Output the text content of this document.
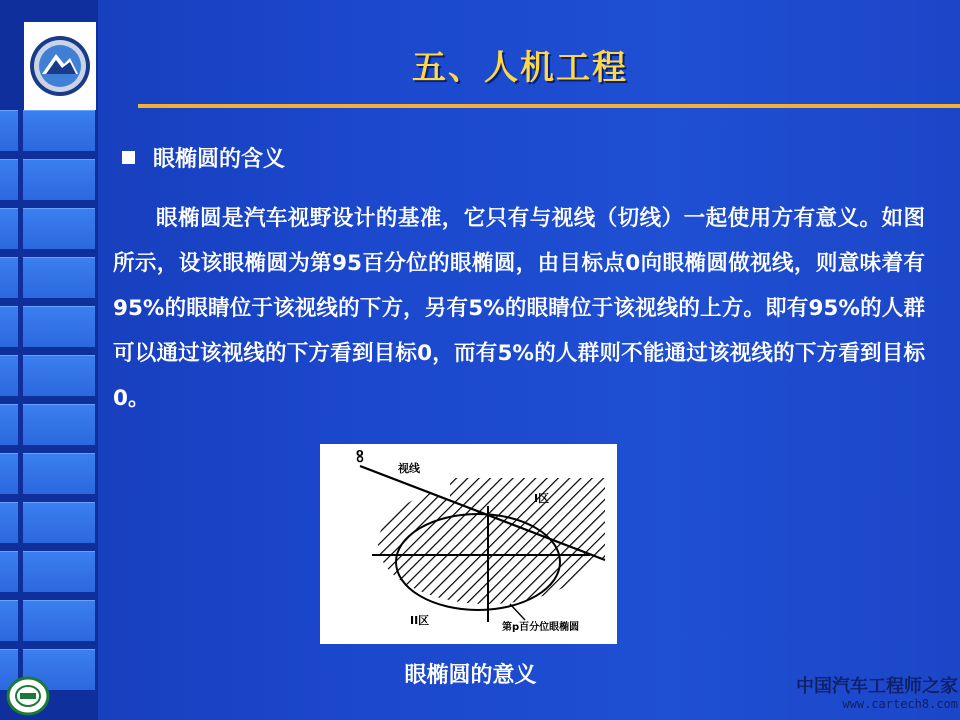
五、人机工程
眼椭圆的含义
眼椭圆是汽车视野设计的基准，它只有与视线（切线）一起使用方有意义。如图所示，设该眼椭圆为第95百分位的眼椭圆，由目标点0向眼椭圆做视线，则意味着有95%的眼睛位于该视线的下方，另有5%的眼睛位于该视线的上方。即有95%的人群可以通过该视线的下方看到目标0，而有5%的人群则不能通过该视线的下方看到目标0。
o
视线
I区
II区
第p百分位眼椭圆
眼椭圆的意义	中国汽车工程师之家
www.cartech8.com
